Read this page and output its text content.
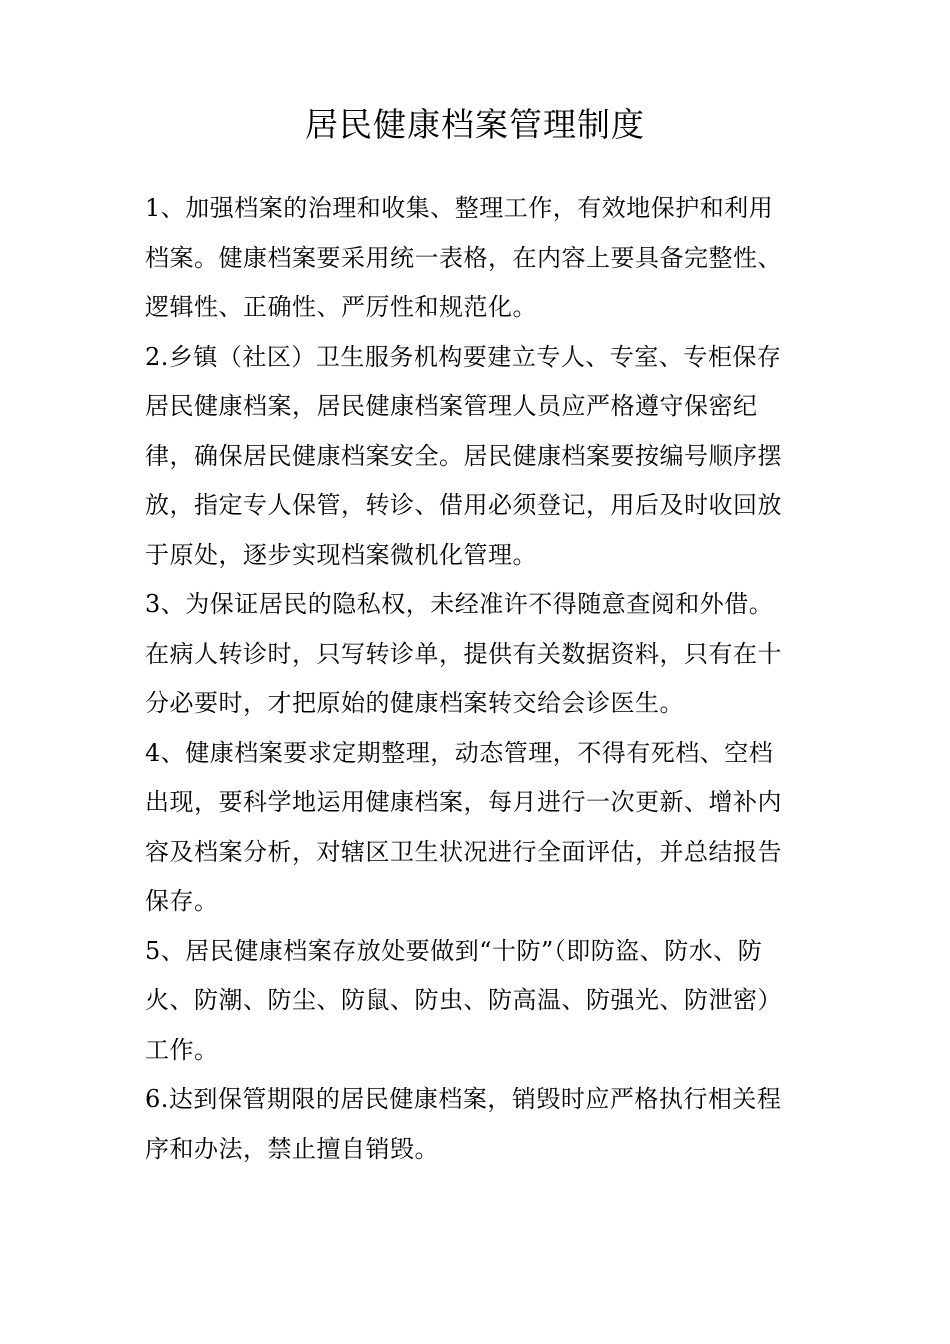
居民健康档案管理制度

1、加强档案的治理和收集、整理工作，有效地保护和利用
档案。健康档案要采用统一表格，在内容上要具备完整性、
逻辑性、正确性、严厉性和规范化。

2.乡镇（社区）卫生服务机构要建立专人、专室、专柜保存
居民健康档案，居民健康档案管理人员应严格遵守保密纪
律，确保居民健康档案安全。居民健康档案要按编号顺序摆
放，指定专人保管，转诊、借用必须登记，用后及时收回放
于原处，逐步实现档案微机化管理。

3、为保证居民的隐私权，未经准许不得随意查阅和外借。
在病人转诊时，只写转诊单，提供有关数据资料，只有在十
分必要时，才把原始的健康档案转交给会诊医生。

4、健康档案要求定期整理，动态管理，不得有死档、空档
出现，要科学地运用健康档案，每月进行一次更新、增补内
容及档案分析，对辖区卫生状况进行全面评估，并总结报告
保存。

5、居民健康档案存放处要做到“十防”（即防盗、防水、防
火、防潮、防尘、防鼠、防虫、防高温、防强光、防泄密）
工作。

6.达到保管期限的居民健康档案，销毁时应严格执行相关程
序和办法，禁止擅自销毁。
